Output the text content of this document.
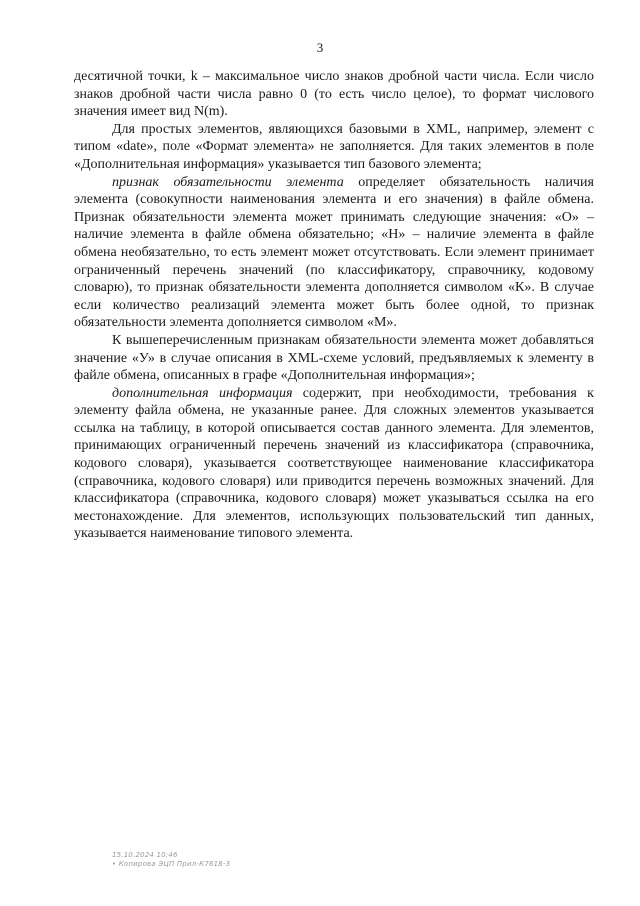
3

десятичной точки, k – максимальное число знаков дробной части числа. Если число знаков дробной части числа равно 0 (то есть число целое), то формат числового значения имеет вид N(m).

Для простых элементов, являющихся базовыми в XML, например, элемент с типом «date», поле «Формат элемента» не заполняется. Для таких элементов в поле «Дополнительная информация» указывается тип базового элемента;

признак обязательности элемента определяет обязательность наличия элемента (совокупности наименования элемента и его значения) в файле обмена. Признак обязательности элемента может принимать следующие значения: «О» – наличие элемента в файле обмена обязательно; «Н» – наличие элемента в файле обмена необязательно, то есть элемент может отсутствовать. Если элемент принимает ограниченный перечень значений (по классификатору, справочнику, кодовому словарю), то признак обязательности элемента дополняется символом «К». В случае если количество реализаций элемента может быть более одной, то признак обязательности элемента дополняется символом «М».

К вышеперечисленным признакам обязательности элемента может добавляться значение «У» в случае описания в XML-схеме условий, предъявляемых к элементу в файле обмена, описанных в графе «Дополнительная информация»;

дополнительная информация содержит, при необходимости, требования к элементу файла обмена, не указанные ранее. Для сложных элементов указывается ссылка на таблицу, в которой описывается состав данного элемента. Для элементов, принимающих ограниченный перечень значений из классификатора (справочника, кодового словаря), указывается соответствующее наименование классификатора (справочника, кодового словаря) или приводится перечень возможных значений. Для классификатора (справочника, кодового словаря) может указываться ссылка на его местонахождение. Для элементов, использующих пользовательский тип данных, указывается наименование типового элемента.

15.10.2024 10:46
• Копирова ЭЦП Прил-К7618-3
